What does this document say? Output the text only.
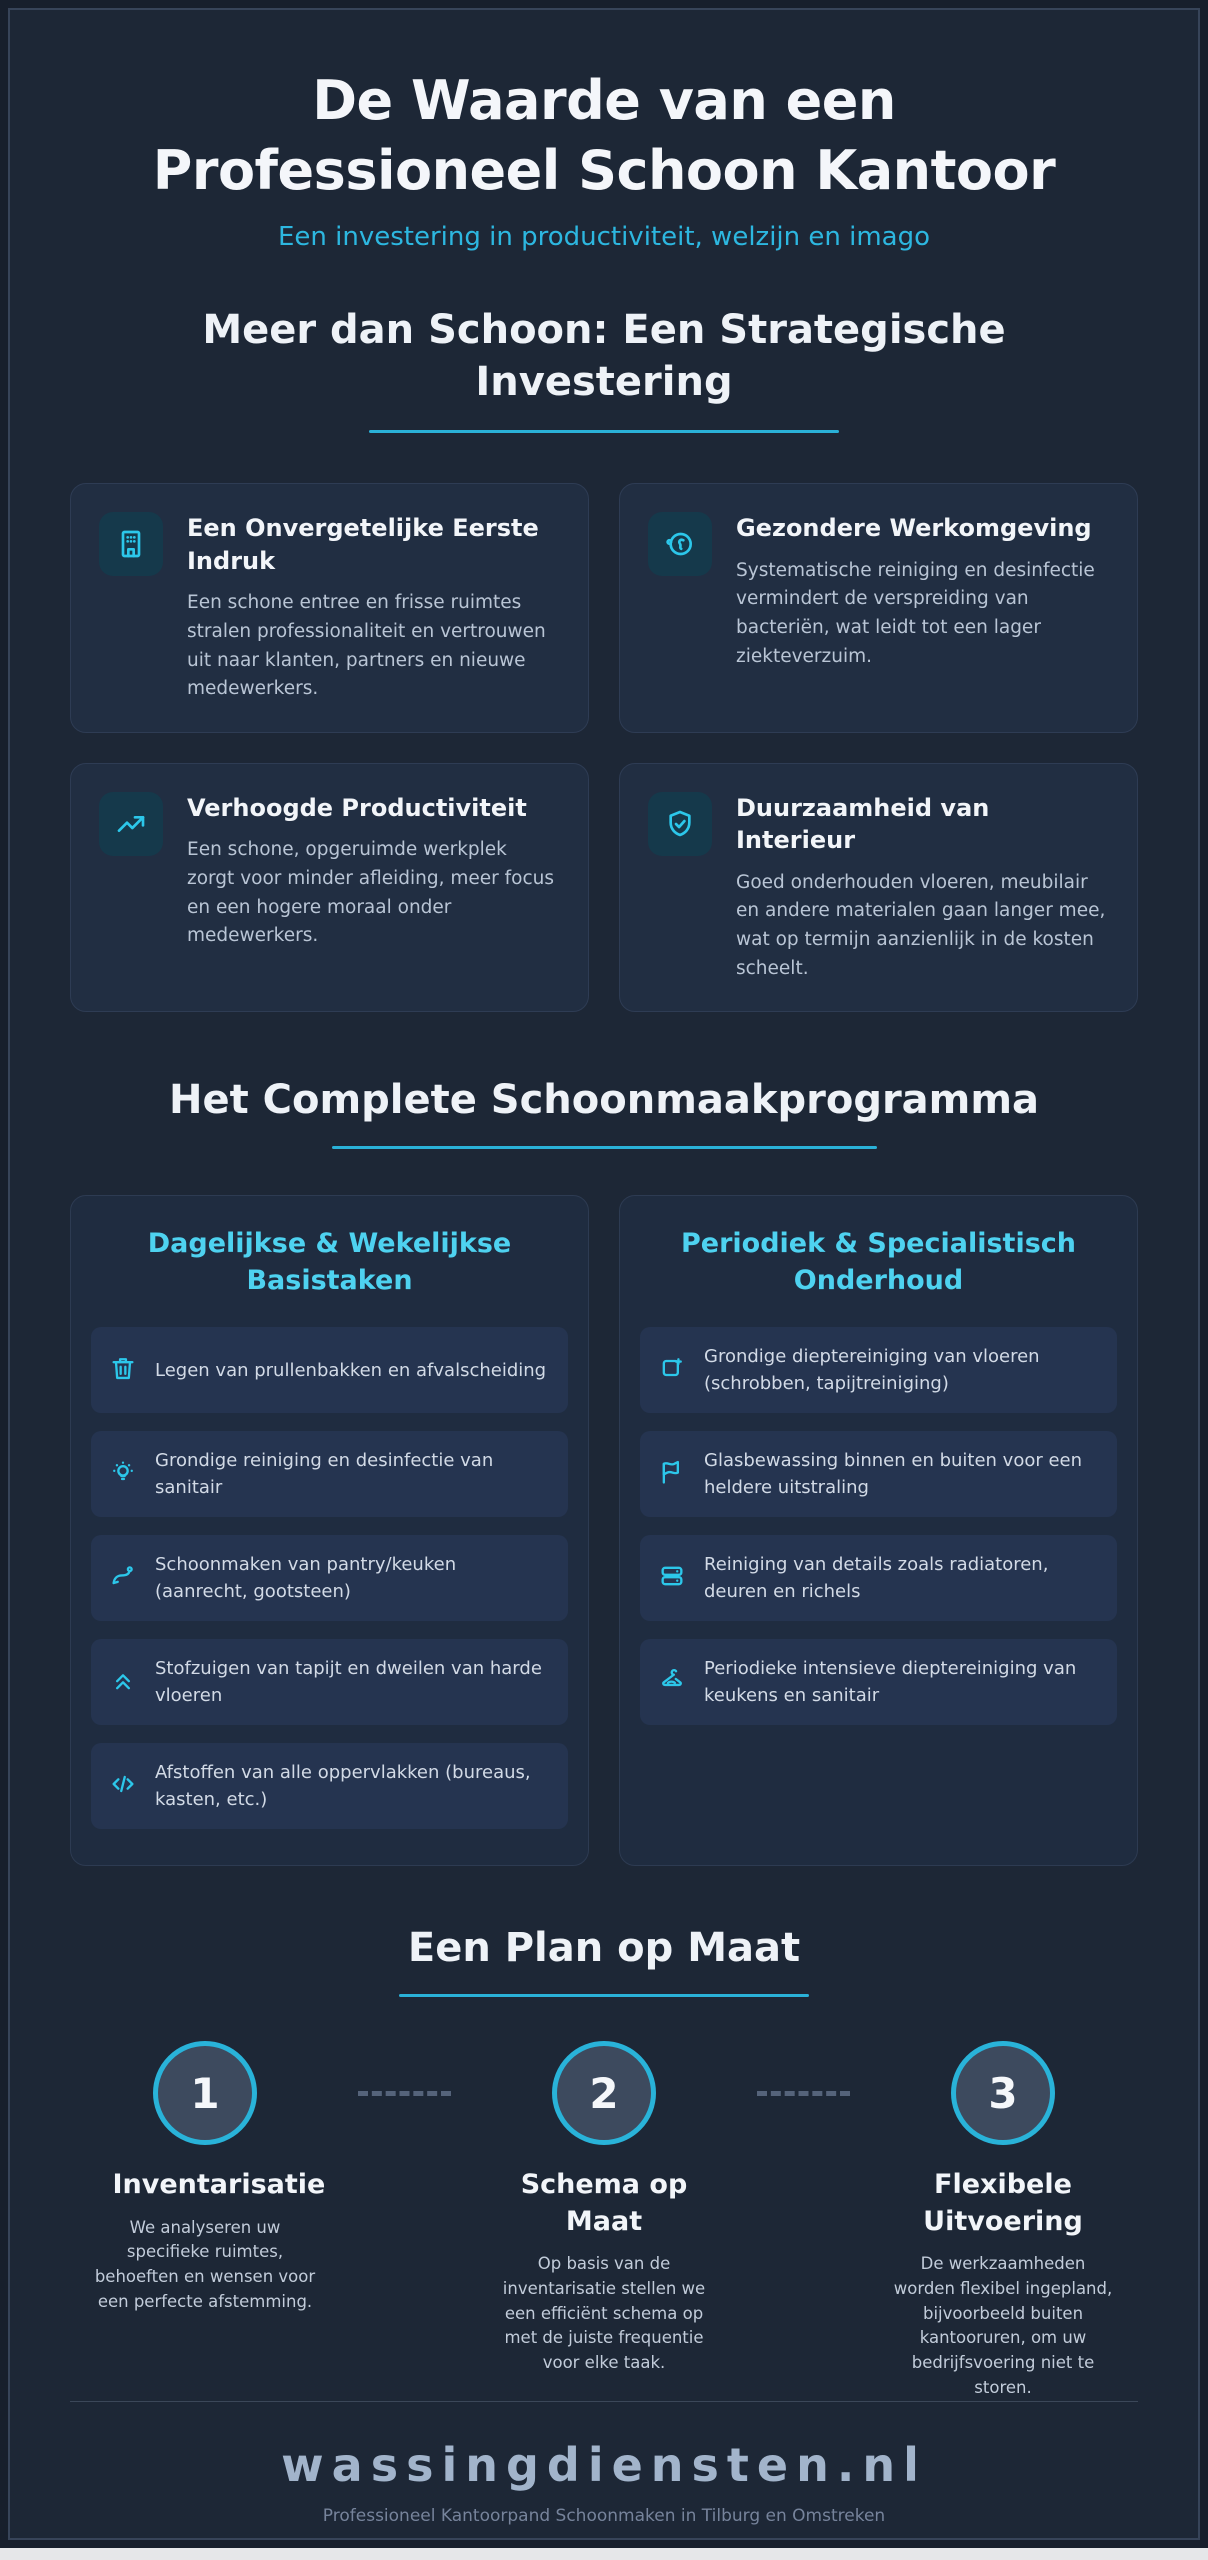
De Waarde van een
Professioneel Schoon Kantoor
Een investering in productiviteit, welzijn en imago
Meer dan Schoon: Een Strategische Investering
Een Onvergetelijke Eerste Indruk
Een schone entree en frisse ruimtes stralen professionaliteit en vertrouwen uit naar klanten, partners en nieuwe medewerkers.
Gezondere Werkomgeving
Systematische reiniging en desinfectie vermindert de verspreiding van bacteriën, wat leidt tot een lager ziekteverzuim.
Verhoogde Productiviteit
Een schone, opgeruimde werkplek zorgt voor minder afleiding, meer focus en een hogere moraal onder medewerkers.
Duurzaamheid van Interieur
Goed onderhouden vloeren, meubilair en andere materialen gaan langer mee, wat op termijn aanzienlijk in de kosten scheelt.
Het Complete Schoonmaakprogramma
Dagelijkse & Wekelijkse Basistaken
Legen van prullenbakken en afvalscheiding
Grondige reiniging en desinfectie van sanitair
Schoonmaken van pantry/keuken (aanrecht, gootsteen)
Stofzuigen van tapijt en dweilen van harde vloeren
Afstoffen van alle oppervlakken (bureaus, kasten, etc.)
Periodiek & Specialistisch Onderhoud
Grondige dieptereiniging van vloeren (schrobben, tapijtreiniging)
Glasbewassing binnen en buiten voor een heldere uitstraling
Reiniging van details zoals radiatoren, deuren en richels
Periodieke intensieve dieptereiniging van keukens en sanitair
Een Plan op Maat
1
Inventarisatie
We analyseren uw specifieke ruimtes, behoeften en wensen voor een perfecte afstemming.
2
Schema op Maat
Op basis van de inventarisatie stellen we een efficiënt schema op met de juiste frequentie voor elke taak.
3
Flexibele Uitvoering
De werkzaamheden worden flexibel ingepland, bijvoorbeeld buiten kantooruren, om uw bedrijfsvoering niet te storen.
wassingdiensten.nl
Professioneel Kantoorpand Schoonmaken in Tilburg en Omstreken
